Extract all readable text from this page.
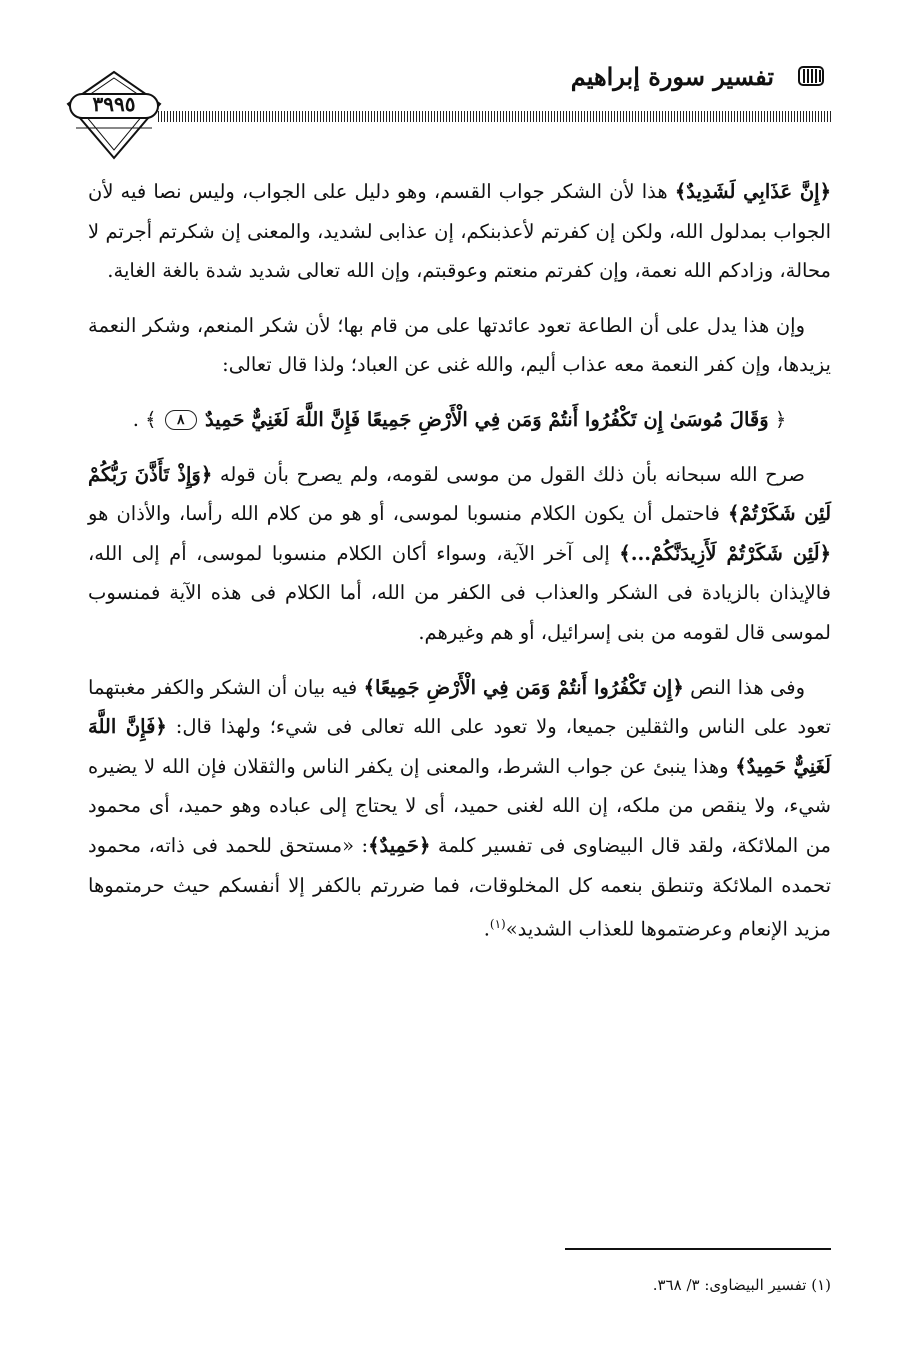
تفسير سورة إبراهيم
٣٩٩٥

﴿إِنَّ عَذَابِي لَشَدِيدٌ﴾ هذا لأن الشكر جواب القسم، وهو دليل على الجواب، وليس نصا فيه لأن الجواب بمدلول الله، ولكن إن كفرتم لأعذبنكم، إن عذابى لشديد، والمعنى إن شكرتم أجرتم لا محالة، وزادكم الله نعمة، وإن كفرتم منعتم وعوقبتم، وإن الله تعالى شديد شدة بالغة الغاية.

وإن هذا يدل على أن الطاعة تعود عائدتها على من قام بها؛ لأن شكر المنعم، وشكر النعمة يزيدها، وإن كفر النعمة معه عذاب أليم، والله غنى عن العباد؛ ولذا قال تعالى:

﴿ وَقَالَ مُوسَىٰ إِن تَكْفُرُوا أَنتُمْ وَمَن فِي الْأَرْضِ جَمِيعًا فَإِنَّ اللَّهَ لَغَنِيٌّ حَمِيدٌ ٨ ﴾ .

صرح الله سبحانه بأن ذلك القول من موسى لقومه، ولم يصرح بأن قوله ﴿وَإِذْ تَأَذَّنَ رَبُّكُمْ لَئِن شَكَرْتُمْ﴾ فاحتمل أن يكون الكلام منسوبا لموسى، أو هو من كلام الله رأسا، والأذان هو ﴿لَئِن شَكَرْتُمْ لَأَزِيدَنَّكُمْ...﴾ إلى آخر الآية، وسواء أكان الكلام منسوبا لموسى، أم إلى الله، فالإيذان بالزيادة فى الشكر والعذاب فى الكفر من الله، أما الكلام فى هذه الآية فمنسوب لموسى قال لقومه من بنى إسرائيل، أو هم وغيرهم.

وفى هذا النص ﴿إِن تَكْفُرُوا أَنتُمْ وَمَن فِي الْأَرْضِ جَمِيعًا﴾ فيه بيان أن الشكر والكفر مغبتهما تعود على الناس والثقلين جميعا، ولا تعود على الله تعالى فى شيء؛ ولهذا قال: ﴿فَإِنَّ اللَّهَ لَغَنِيٌّ حَمِيدٌ﴾ وهذا ينبئ عن جواب الشرط، والمعنى إن يكفر الناس والثقلان فإن الله لا يضيره شيء، ولا ينقص من ملكه، إن الله لغنى حميد، أى لا يحتاج إلى عباده وهو حميد، أى محمود من الملائكة، ولقد قال البيضاوى فى تفسير كلمة ﴿حَمِيدٌ﴾: «مستحق للحمد فى ذاته، محمود تحمده الملائكة وتنطق بنعمه كل المخلوقات، فما ضررتم بالكفر إلا أنفسكم حيث حرمتموها مزيد الإنعام وعرضتموها للعذاب الشديد»$^{(١)}$.

(١) تفسير البيضاوى: ٣/ ٣٦٨.
